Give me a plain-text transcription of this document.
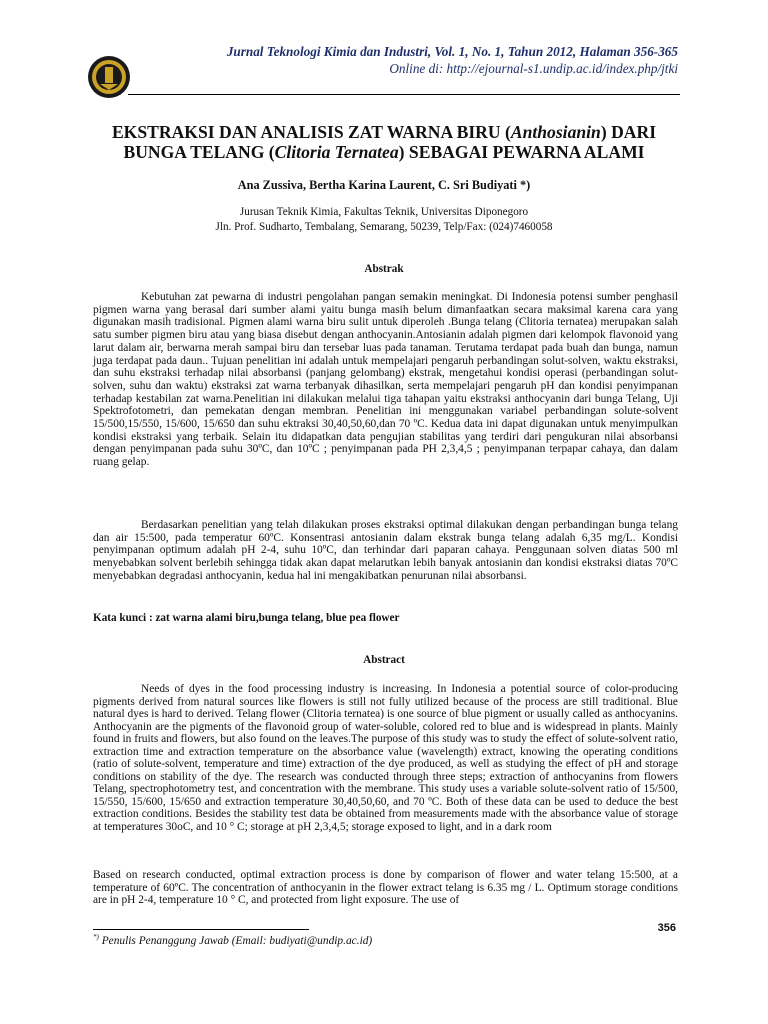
Jurnal Teknologi Kimia dan Industri, Vol. 1, No. 1, Tahun 2012, Halaman 356-365
Online di: http://ejournal-s1.undip.ac.id/index.php/jtki
EKSTRAKSI DAN ANALISIS ZAT WARNA BIRU (Anthosianin) DARI
BUNGA TELANG (Clitoria Ternatea) SEBAGAI PEWARNA ALAMI
Ana Zussiva, Bertha Karina Laurent, C. Sri Budiyati *)
Jurusan Teknik Kimia, Fakultas Teknik, Universitas Diponegoro
Jln. Prof. Sudharto, Tembalang, Semarang, 50239, Telp/Fax: (024)7460058
Abstrak

Kebutuhan zat pewarna di industri pengolahan pangan semakin meningkat. Di Indonesia potensi sumber penghasil pigmen warna yang berasal dari sumber alami yaitu bunga masih belum dimanfaatkan secara maksimal karena cara yang digunakan masih tradisional. Pigmen alami warna biru sulit untuk diperoleh .Bunga telang (Clitoria ternatea) merupakan salah satu sumber pigmen biru atau yang biasa disebut dengan anthocyanin.Antosianin adalah pigmen dari kelompok flavonoid yang larut dalam air, berwarna merah sampai biru dan tersebar luas pada tanaman. Terutama terdapat pada buah dan bunga, namun juga terdapat pada daun.. Tujuan penelitian ini adalah untuk mempelajari pengaruh perbandingan solut-solven, waktu ekstraksi, dan suhu ekstraksi terhadap nilai absorbansi (panjang gelombang) ekstrak, mengetahui kondisi operasi (perbandingan solut-solven, suhu dan waktu) ekstraksi zat warna terbanyak dihasilkan, serta mempelajari pengaruh pH dan kondisi penyimpanan terhadap kestabilan zat warna.Penelitian ini dilakukan melalui tiga tahapan yaitu ekstraksi anthocyanin dari bunga Telang, Uji Spektrofotometri, dan pemekatan dengan membran. Penelitian ini menggunakan variabel perbandingan solute-solvent 15/500,15/550, 15/600, 15/650 dan suhu ektraksi 30,40,50,60,dan 70 ºC. Kedua data ini dapat digunakan untuk menyimpulkan kondisi ekstraksi yang terbaik. Selain itu didapatkan data pengujian stabilitas yang terdiri dari pengukuran nilai absorbansi dengan penyimpanan pada suhu 30ºC, dan 10ºC ; penyimpanan pada PH 2,3,4,5 ; penyimpanan terpapar cahaya, dan dalam ruang gelap.

Berdasarkan penelitian yang telah dilakukan proses ekstraksi optimal dilakukan dengan perbandingan bunga telang dan air 15:500, pada temperatur 60ºC. Konsentrasi antosianin dalam ekstrak bunga telang adalah 6,35 mg/L. Kondisi penyimpanan optimum adalah pH 2-4, suhu 10ºC, dan terhindar dari paparan cahaya. Penggunaan solven diatas 500 ml menyebabkan solvent berlebih sehingga tidak akan dapat melarutkan lebih banyak antosianin dan kondisi ekstraksi diatas 70ºC menyebabkan degradasi anthocyanin, kedua hal ini mengakibatkan penurunan nilai absorbansi.

Kata kunci : zat warna alami biru,bunga telang, blue pea flower
Abstract

Needs of dyes in the food processing industry is increasing. In Indonesia a potential source of color-producing pigments derived from natural sources like flowers is still not fully utilized because of the process are still traditional. Blue natural dyes is hard to derived. Telang flower (Clitoria ternatea) is one source of blue pigment or usually called as anthocyanins. Anthocyanin are the pigments of the flavonoid group of water-soluble, colored red to blue and is widespread in plants. Mainly found in fruits and flowers, but also found on the leaves.The purpose of this study was to study the effect of solute-solvent ratio, extraction time and extraction temperature on the absorbance value (wavelength) extract, knowing the operating conditions (ratio of solute-solvent, temperature and time) extraction of the dye produced, as well as studying the effect of pH and storage conditions on stability of the dye. The research was conducted through three steps; extraction of anthocyanins from flowers Telang, spectrophotometry test, and concentration with the membrane. This study uses a variable solute-solvent ratio of 15/500, 15/550, 15/600, 15/650 and extraction temperature 30,40,50,60, and 70 ºC. Both of these data can be used to deduce the best extraction conditions. Besides the stability test data be obtained from measurements made with the absorbance value of storage at temperatures 30oC, and 10 ° C; storage at pH 2,3,4,5; storage exposed to light, and in a dark room

Based on research conducted, optimal extraction process is done by comparison of flower and water telang 15:500, at a temperature of 60ºC. The concentration of anthocyanin in the flower extract telang is 6.35 mg / L. Optimum storage conditions are in pH 2-4, temperature 10 ° C, and protected from light exposure. The use of

356
*) Penulis Penanggung Jawab (Email: budiyati@undip.ac.id)
